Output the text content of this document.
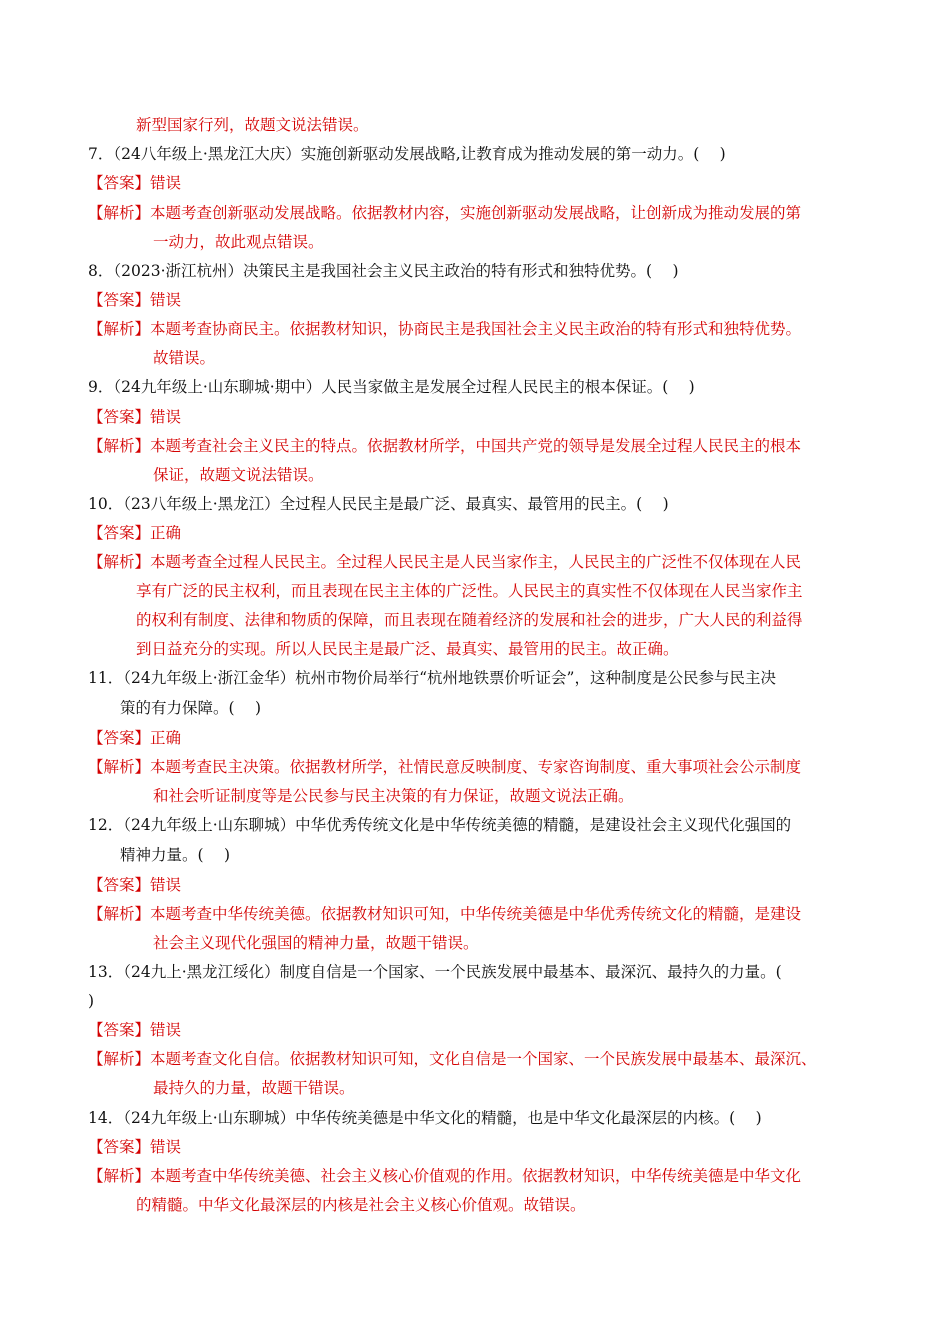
新型国家行列，故题文说法错误。
7．（24八年级上·黑龙江大庆）实施创新驱动发展战略,让教育成为推动发展的第一动力。(　 )
【答案】错误
【解析】本题考查创新驱动发展战略。依据教材内容，实施创新驱动发展战略，让创新成为推动发展的第
一动力，故此观点错误。
8．（2023·浙江杭州）决策民主是我国社会主义民主政治的特有形式和独特优势。(　 )
【答案】错误
【解析】本题考查协商民主。依据教材知识，协商民主是我国社会主义民主政治的特有形式和独特优势。
故错误。
9．（24九年级上·山东聊城·期中）人民当家做主是发展全过程人民民主的根本保证。(　 )
【答案】错误
【解析】本题考查社会主义民主的特点。依据教材所学，中国共产党的领导是发展全过程人民民主的根本
保证，故题文说法错误。
10．（23八年级上·黑龙江）全过程人民民主是最广泛、最真实、最管用的民主。(　 )
【答案】正确
【解析】本题考查全过程人民民主。全过程人民民主是人民当家作主，人民民主的广泛性不仅体现在人民
享有广泛的民主权利，而且表现在民主主体的广泛性。人民民主的真实性不仅体现在人民当家作主
的权利有制度、法律和物质的保障，而且表现在随着经济的发展和社会的进步，广大人民的利益得
到日益充分的实现。所以人民民主是最广泛、最真实、最管用的民主。故正确。
11．（24九年级上·浙江金华）杭州市物价局举行“杭州地铁票价听证会”，这种制度是公民参与民主决
策的有力保障。(　 )
【答案】正确
【解析】本题考查民主决策。依据教材所学，社情民意反映制度、专家咨询制度、重大事项社会公示制度
和社会听证制度等是公民参与民主决策的有力保证，故题文说法正确。
12．（24九年级上·山东聊城）中华优秀传统文化是中华传统美德的精髓，是建设社会主义现代化强国的
精神力量。(　 )
【答案】错误
【解析】本题考查中华传统美德。依据教材知识可知，中华传统美德是中华优秀传统文化的精髓，是建设
社会主义现代化强国的精神力量，故题干错误。
13．（24九上·黑龙江绥化）制度自信是一个国家、一个民族发展中最基本、最深沉、最持久的力量。(
)
【答案】错误
【解析】本题考查文化自信。依据教材知识可知，文化自信是一个国家、一个民族发展中最基本、最深沉、
最持久的力量，故题干错误。
14．（24九年级上·山东聊城）中华传统美德是中华文化的精髓，也是中华文化最深层的内核。(　 )
【答案】错误
【解析】本题考查中华传统美德、社会主义核心价值观的作用。依据教材知识，中华传统美德是中华文化
的精髓。中华文化最深层的内核是社会主义核心价值观。故错误。
